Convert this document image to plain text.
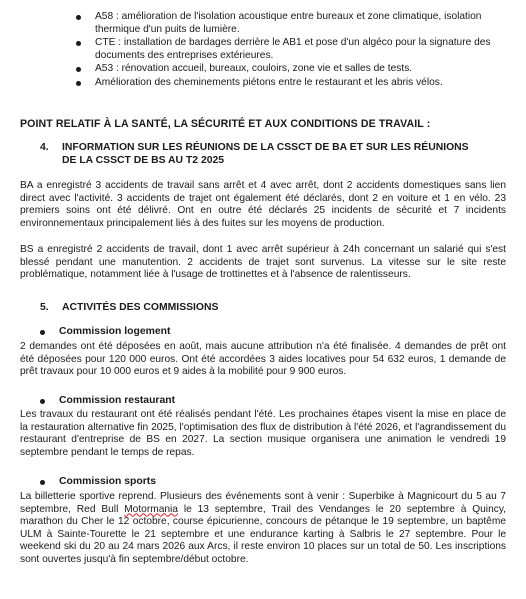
A58 : amélioration de l'isolation acoustique entre bureaux et zone climatique, isolation thermique d'un puits de lumière.
CTE : installation de bardages derrière le AB1 et pose d'un algéco pour la signature des documents des entreprises extérieures.
A53 : rénovation accueil, bureaux, couloirs, zone vie et salles de tests.
Amélioration des cheminements piétons entre le restaurant et les abris vélos.

POINT RELATIF À LA SANTÉ, LA SÉCURITÉ ET AUX CONDITIONS DE TRAVAIL :

4. INFORMATION SUR LES RÉUNIONS DE LA CSSCT DE BA ET SUR LES RÉUNIONS DE LA CSSCT DE BS AU T2 2025

BA a enregistré 3 accidents de travail sans arrêt et 4 avec arrêt, dont 2 accidents domestiques sans lien direct avec l'activité. 3 accidents de trajet ont également été déclarés, dont 2 en voiture et 1 en vélo. 23 premiers soins ont été délivré. Ont en outre été déclarés 25 incidents de sécurité et 7 incidents environnementaux principalement liés à des fuites sur les moyens de production.

BS a enregistré 2 accidents de travail, dont 1 avec arrêt supérieur à 24h concernant un salarié qui s'est blessé pendant une manutention. 2 accidents de trajet sont survenus. La vitesse sur le site reste problématique, notamment liée à l'usage de trottinettes et à l'absence de ralentisseurs.

5. ACTIVITÉS DES COMMISSIONS
Commission logement

2 demandes ont été déposées en août, mais aucune attribution n'a été finalisée. 4 demandes de prêt ont été déposées pour 120 000 euros. Ont été accordées 3 aides locatives pour 54 632 euros, 1 demande de prêt travaux pour 10 000 euros et 9 aides à la mobilité pour 9 900 euros.

Commission restaurant

Les travaux du restaurant ont été réalisés pendant l'été. Les prochaines étapes visent la mise en place de la restauration alternative fin 2025, l'optimisation des flux de distribution à l'été 2026, et l'agrandissement du restaurant d'entreprise de BS en 2027. La section musique organisera une animation le vendredi 19 septembre pendant le temps de repas.

Commission sports

La billetterie sportive reprend. Plusieurs des événements sont à venir : Superbike à Magnicourt du 5 au 7 septembre, Red Bull Motormania le 13 septembre, Trail des Vendanges le 20 septembre à Quincy, marathon du Cher le 12 octobre, course épicurienne, concours de pétanque le 19 septembre, un baptême ULM à Sainte-Tourette le 21 septembre et une endurance karting à Salbris le 27 septembre. Pour le weekend ski du 20 au 24 mars 2026 aux Arcs, il reste environ 10 places sur un total de 50. Les inscriptions sont ouvertes jusqu'à fin septembre/début octobre.
